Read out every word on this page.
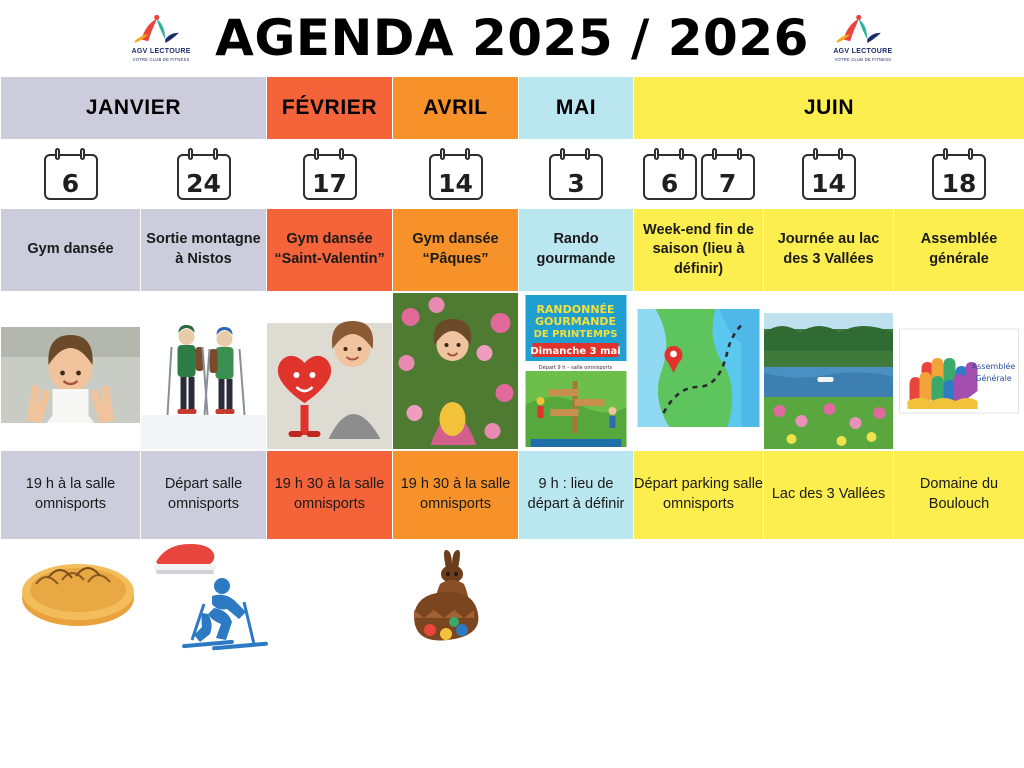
AGV LECTOURE
VOTRE CLUB DE FITNESS AGENDA 2025 / 2026	AGV LECTOURE
VOTRE CLUB DE FITNESS
JANVIER		FÉVRIER	AVRIL	MAI	JUIN		

6	24	17	14	3	6 7	14	18

Gym dansée	Sortie montagne à Nistos	Gym dansée “Saint-Valentin”	Gym dansée “Pâques”	Rando gourmande	Week-end fin de saison (lieu à définir)	Journée au lac des 3 Vallées	Assemblée générale

RANDONNÉE
GOURMANDE
DE PRINTEMPS
Dimanche 3 mai
Départ 9 h – salle omnisports			Assemblée
Générale

19 h à la salle omnisports	Départ salle omnisports	19 h 30 à la salle omnisports	19 h 30 à la salle omnisports	9 h : lieu de départ à définir	Départ parking salle omnisports	Lac des 3 Vallées	Domaine du Boulouch
